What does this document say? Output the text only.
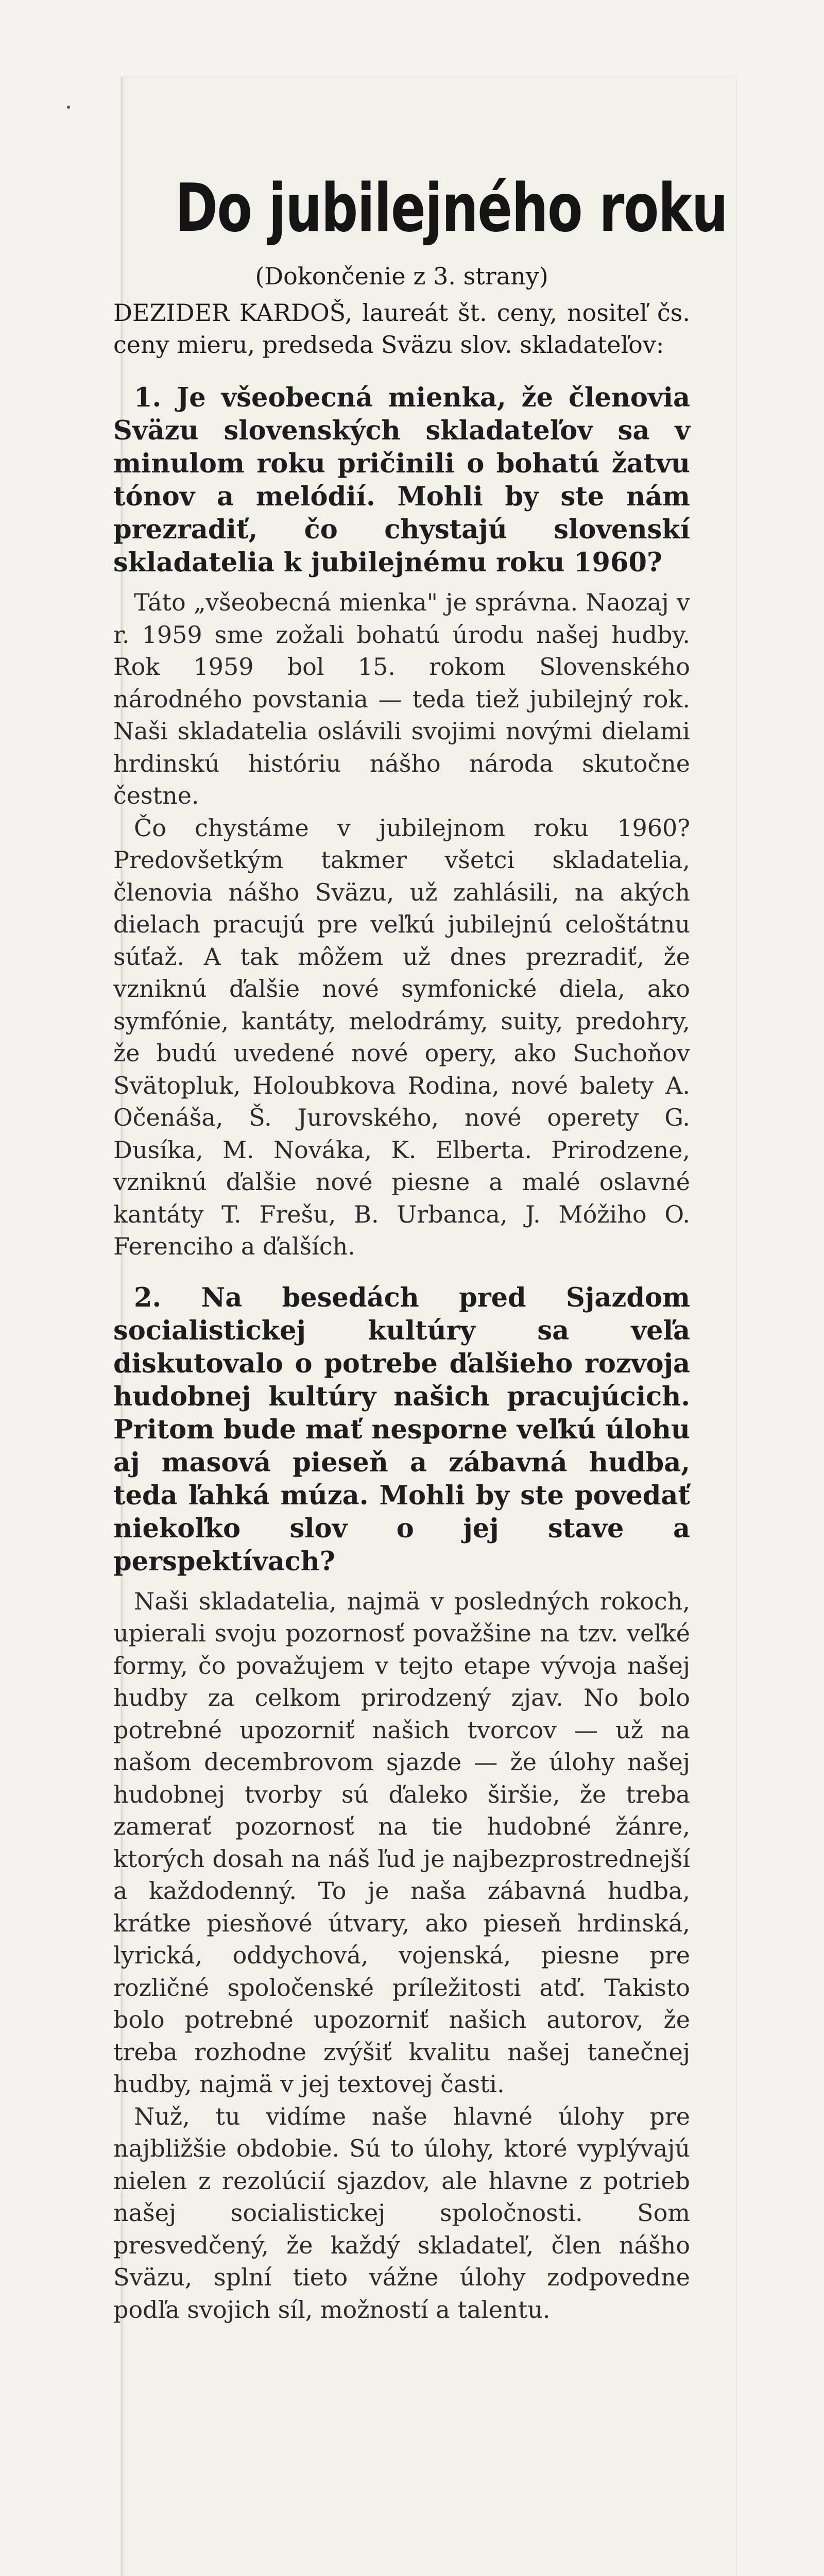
Do jubilejného roku
(Dokončenie z 3. strany)
DEZIDER KARDOŠ, laureát št. ceny, nositeľ čs. ceny mieru, predseda Sväzu slov. skladateľov:
1. Je všeobecná mienka, že členovia Sväzu slovenských skladateľov sa v minulom roku pričinili o bohatú žatvu tónov a melódií. Mohli by ste nám prezradiť, čo chystajú slovenskí skladatelia k jubilejnému roku 1960?

Táto „všeobecná mienka" je správna. Naozaj v r. 1959 sme zožali bohatú úrodu našej hudby. Rok 1959 bol 15. rokom Slovenského národného povstania — teda tiež jubilejný rok. Naši skladatelia oslávili svojimi novými dielami hrdinskú históriu nášho národa skutočne čestne.

Čo chystáme v jubilejnom roku 1960? Predovšetkým takmer všetci skladatelia, členovia nášho Sväzu, už zahlásili, na akých dielach pracujú pre veľkú jubilejnú celoštátnu súťaž. A tak môžem už dnes prezradiť, že vzniknú ďalšie nové symfonické diela, ako symfónie, kantáty, melodrámy, suity, predohry, že budú uvedené nové opery, ako Suchoňov Svätopluk, Holoubkova Rodina, nové balety A. Očenáša, Š. Jurovského, nové operety G. Dusíka, M. Nováka, K. Elberta. Prirodzene, vzniknú ďalšie nové piesne a malé oslavné kantáty T. Frešu, B. Urbanca, J. Móžiho O. Ferenciho a ďalších.

2. Na besedách pred Sjazdom socialistickej kultúry sa veľa diskutovalo o potrebe ďalšieho rozvoja hudobnej kultúry našich pracujúcich. Pritom bude mať nesporne veľkú úlohu aj masová pieseň a zábavná hudba, teda ľahká múza. Mohli by ste povedať niekoľko slov o jej stave a perspektívach?

Naši skladatelia, najmä v posledných rokoch, upierali svoju pozornosť považšine na tzv. veľké formy, čo považujem v tejto etape vývoja našej hudby za celkom prirodzený zjav. No bolo potrebné upozorniť našich tvorcov — už na našom decembrovom sjazde — že úlohy našej hudobnej tvorby sú ďaleko širšie, že treba zamerať pozornosť na tie hudobné žánre, ktorých dosah na náš ľud je najbezprostrednejší a každodenný. To je naša zábavná hudba, krátke piesňové útvary, ako pieseň hrdinská, lyrická, oddychová, vojenská, piesne pre rozličné spoločenské príležitosti atď. Takisto bolo potrebné upozorniť našich autorov, že treba rozhodne zvýšiť kvalitu našej tanečnej hudby, najmä v jej textovej časti.

Nuž, tu vidíme naše hlavné úlohy pre najbližšie obdobie. Sú to úlohy, ktoré vyplývajú nielen z rezolúcií sjazdov, ale hlavne z potrieb našej socialistickej spoločnosti. Som presvedčený, že každý skladateľ, člen nášho Sväzu, splní tieto vážne úlohy zodpovedne podľa svojich síl, možností a talentu.
